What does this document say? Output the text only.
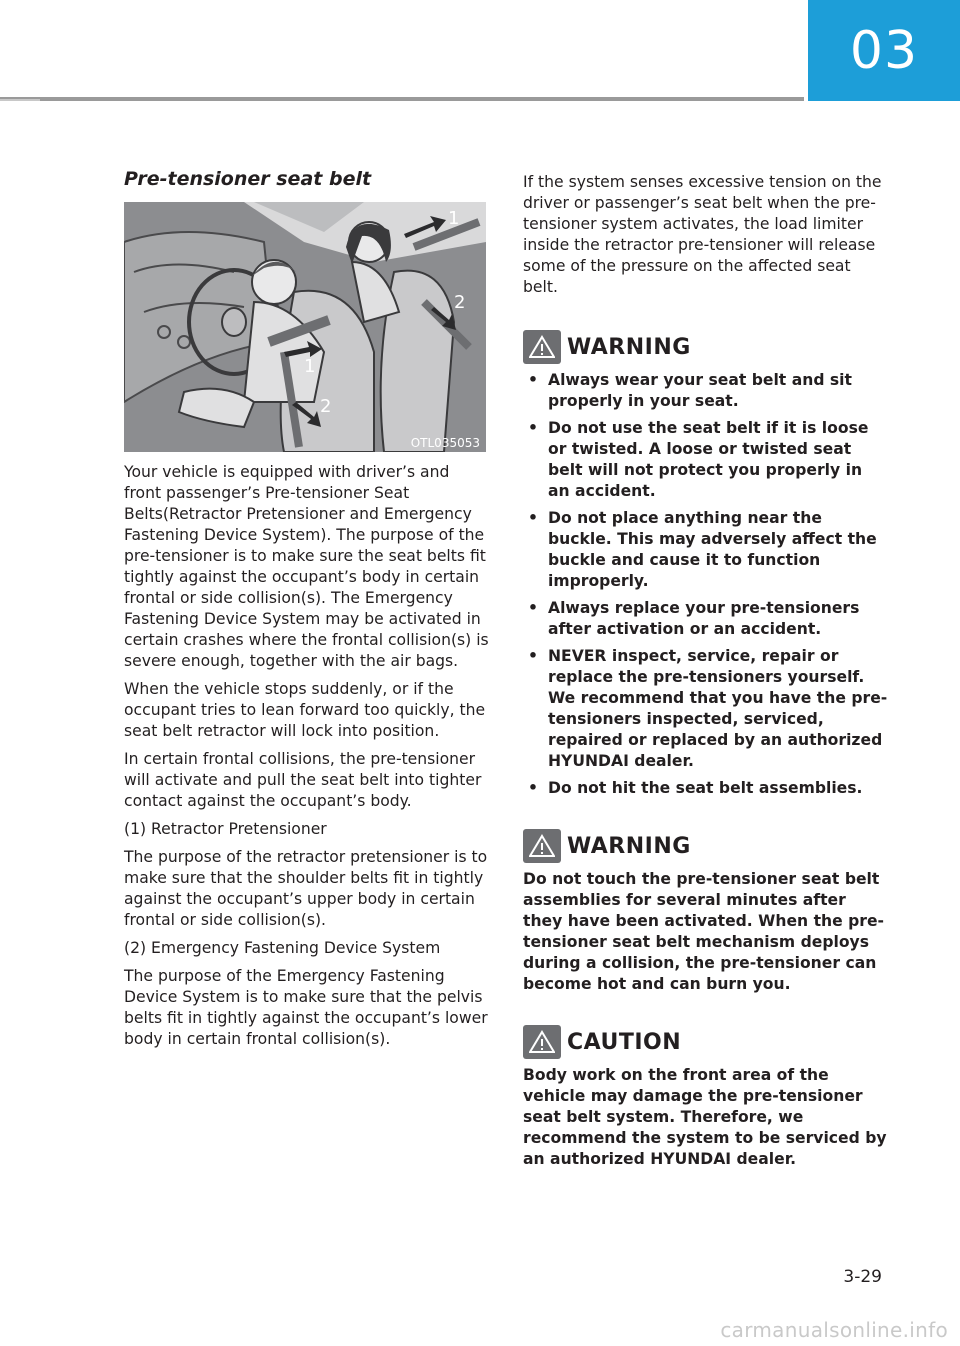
03
Pre-tensioner seat belt
1
2
1
2
OTL035053

Your vehicle is equipped with driver’s and front passenger’s Pre-tensioner Seat Belts(Retractor Pretensioner and Emergency Fastening Device System). The purpose of the pre-tensioner is to make sure the seat belts fit tightly against the occupant’s body in certain frontal or side collision(s). The Emergency Fastening Device System may be activated in certain crashes where the frontal collision(s) is severe enough, together with the air bags.

When the vehicle stops suddenly, or if the occupant tries to lean forward too quickly, the seat belt retractor will lock into position.

In certain frontal collisions, the pre-tensioner will activate and pull the seat belt into tighter contact against the occupant’s body.

(1) Retractor Pretensioner

The purpose of the retractor pretensioner is to make sure that the shoulder belts fit in tightly against the occupant’s upper body in certain frontal or side collision(s).

(2) Emergency Fastening Device System

The purpose of the Emergency Fastening Device System is to make sure that the pelvis belts fit in tightly against the occupant’s lower body in certain frontal collision(s).

If the system senses excessive tension on the driver or passenger’s seat belt when the pre-tensioner system activates, the load limiter inside the retractor pre-tensioner will release some of the pressure on the affected seat belt.

WARNING
• Always wear your seat belt and sit properly in your seat.
• Do not use the seat belt if it is loose or twisted. A loose or twisted seat belt will not protect you properly in an accident.
• Do not place anything near the buckle. This may adversely affect the buckle and cause it to function improperly.
• Always replace your pre-tensioners after activation or an accident.
• NEVER inspect, service, repair or replace the pre-tensioners yourself. We recommend that you have the pre-tensioners inspected, serviced, repaired or replaced by an authorized HYUNDAI dealer.
• Do not hit the seat belt assemblies.
WARNING

Do not touch the pre-tensioner seat belt assemblies for several minutes after they have been activated. When the pre-tensioner seat belt mechanism deploys during a collision, the pre-tensioner can become hot and can burn you.

CAUTION

Body work on the front area of the vehicle may damage the pre-tensioner seat belt system. Therefore, we recommend the system to be serviced by an authorized HYUNDAI dealer.

3-29
carmanualsonline.info
